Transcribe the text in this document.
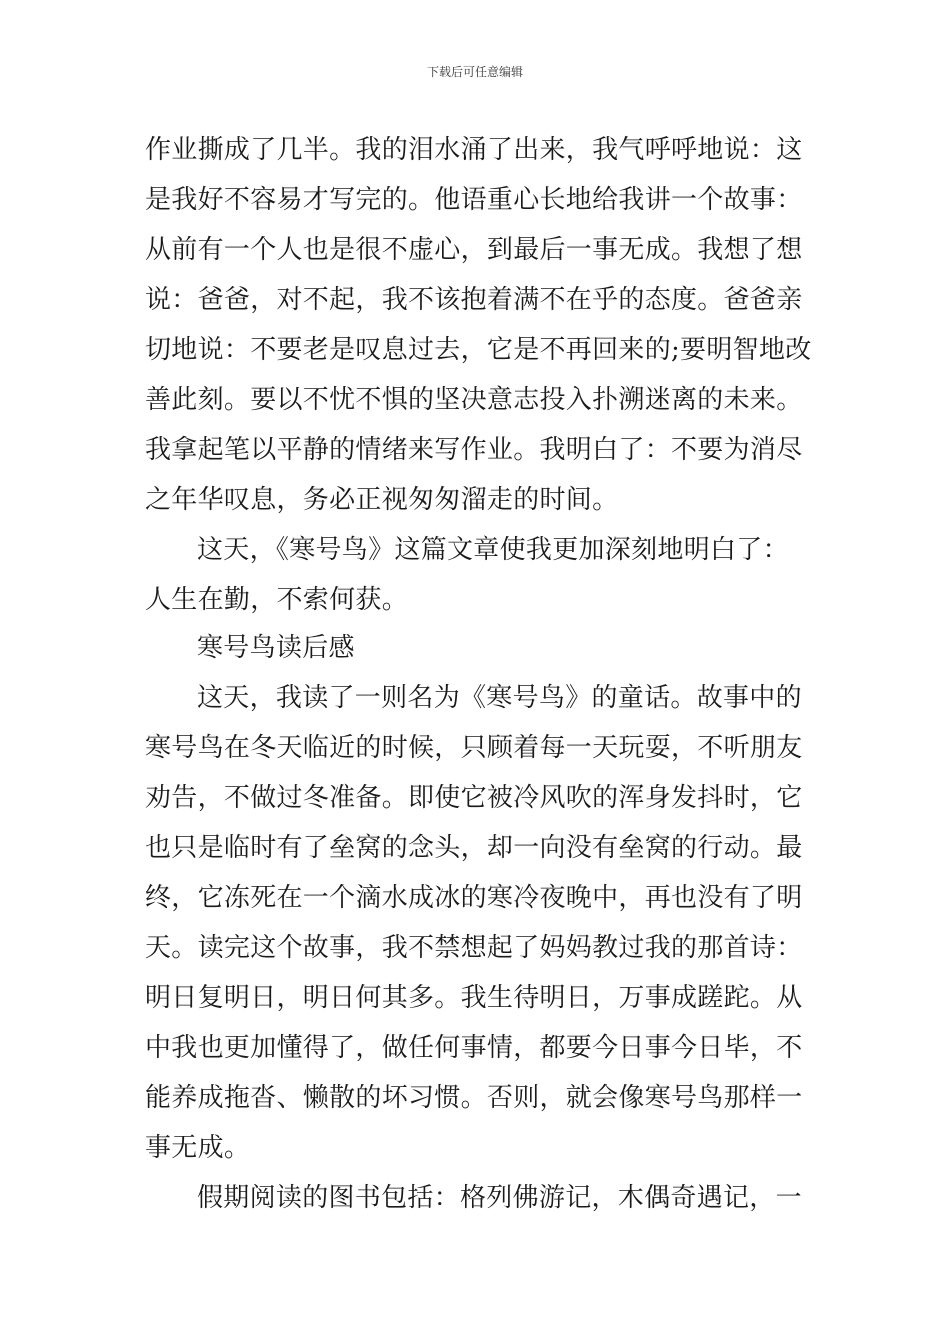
下载后可任意编辑
作业撕成了几半。我的泪水涌了出来，我气呼呼地说：这
是我好不容易才写完的。他语重心长地给我讲一个故事：
从前有一个人也是很不虚心，到最后一事无成。我想了想
说：爸爸，对不起，我不该抱着满不在乎的态度。爸爸亲
切地说：不要老是叹息过去，它是不再回来的;要明智地改
善此刻。要以不忧不惧的坚决意志投入扑溯迷离的未来。
我拿起笔以平静的情绪来写作业。我明白了：不要为消尽
之年华叹息，务必正视匆匆溜走的时间。
这天，《寒号鸟》这篇文章使我更加深刻地明白了：
人生在勤，不索何获。
寒号鸟读后感
这天，我读了一则名为《寒号鸟》的童话。故事中的
寒号鸟在冬天临近的时候，只顾着每一天玩耍，不听朋友
劝告，不做过冬准备。即使它被冷风吹的浑身发抖时，它
也只是临时有了垒窝的念头，却一向没有垒窝的行动。最
终，它冻死在一个滴水成冰的寒冷夜晚中，再也没有了明
天。读完这个故事，我不禁想起了妈妈教过我的那首诗：
明日复明日，明日何其多。我生待明日，万事成蹉跎。从
中我也更加懂得了，做任何事情，都要今日事今日毕，不
能养成拖沓、懒散的坏习惯。否则，就会像寒号鸟那样一
事无成。
假期阅读的图书包括：格列佛游记，木偶奇遇记，一
